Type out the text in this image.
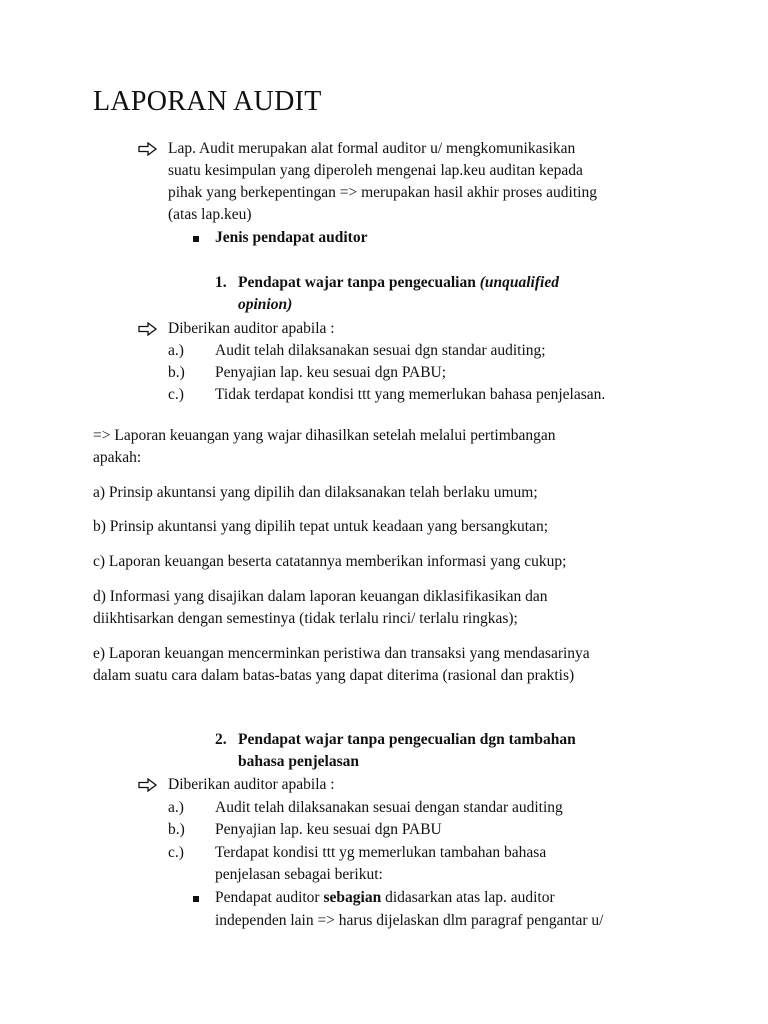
LAPORAN AUDIT
Lap. Audit merupakan alat formal auditor u/ mengkomunikasikan
suatu kesimpulan yang diperoleh mengenai lap.keu auditan kepada
pihak yang berkepentingan => merupakan hasil akhir proses auditing
(atas lap.keu)
Jenis pendapat auditor
1. Pendapat wajar tanpa pengecualian (unqualified
opinion)
Diberikan auditor apabila :
a.) Audit telah dilaksanakan sesuai dgn standar auditing;
b.) Penyajian lap. keu sesuai dgn PABU;
c.) Tidak terdapat kondisi ttt yang memerlukan bahasa penjelasan.
=> Laporan keuangan yang wajar dihasilkan setelah melalui pertimbangan
apakah:
a) Prinsip akuntansi yang dipilih dan dilaksanakan telah berlaku umum;
b) Prinsip akuntansi yang dipilih tepat untuk keadaan yang bersangkutan;
c) Laporan keuangan beserta catatannya memberikan informasi yang cukup;
d) Informasi yang disajikan dalam laporan keuangan diklasifikasikan dan
diikhtisarkan dengan semestinya (tidak terlalu rinci/ terlalu ringkas);
e) Laporan keuangan mencerminkan peristiwa dan transaksi yang mendasarinya
dalam suatu cara dalam batas-batas yang dapat diterima (rasional dan praktis)
2. Pendapat wajar tanpa pengecualian dgn tambahan
bahasa penjelasan
Diberikan auditor apabila :
a.) Audit telah dilaksanakan sesuai dengan standar auditing
b.) Penyajian lap. keu sesuai dgn PABU
c.) Terdapat kondisi ttt yg memerlukan tambahan bahasa
penjelasan sebagai berikut:
Pendapat auditor sebagian didasarkan atas lap. auditor
independen lain => harus dijelaskan dlm paragraf pengantar u/
